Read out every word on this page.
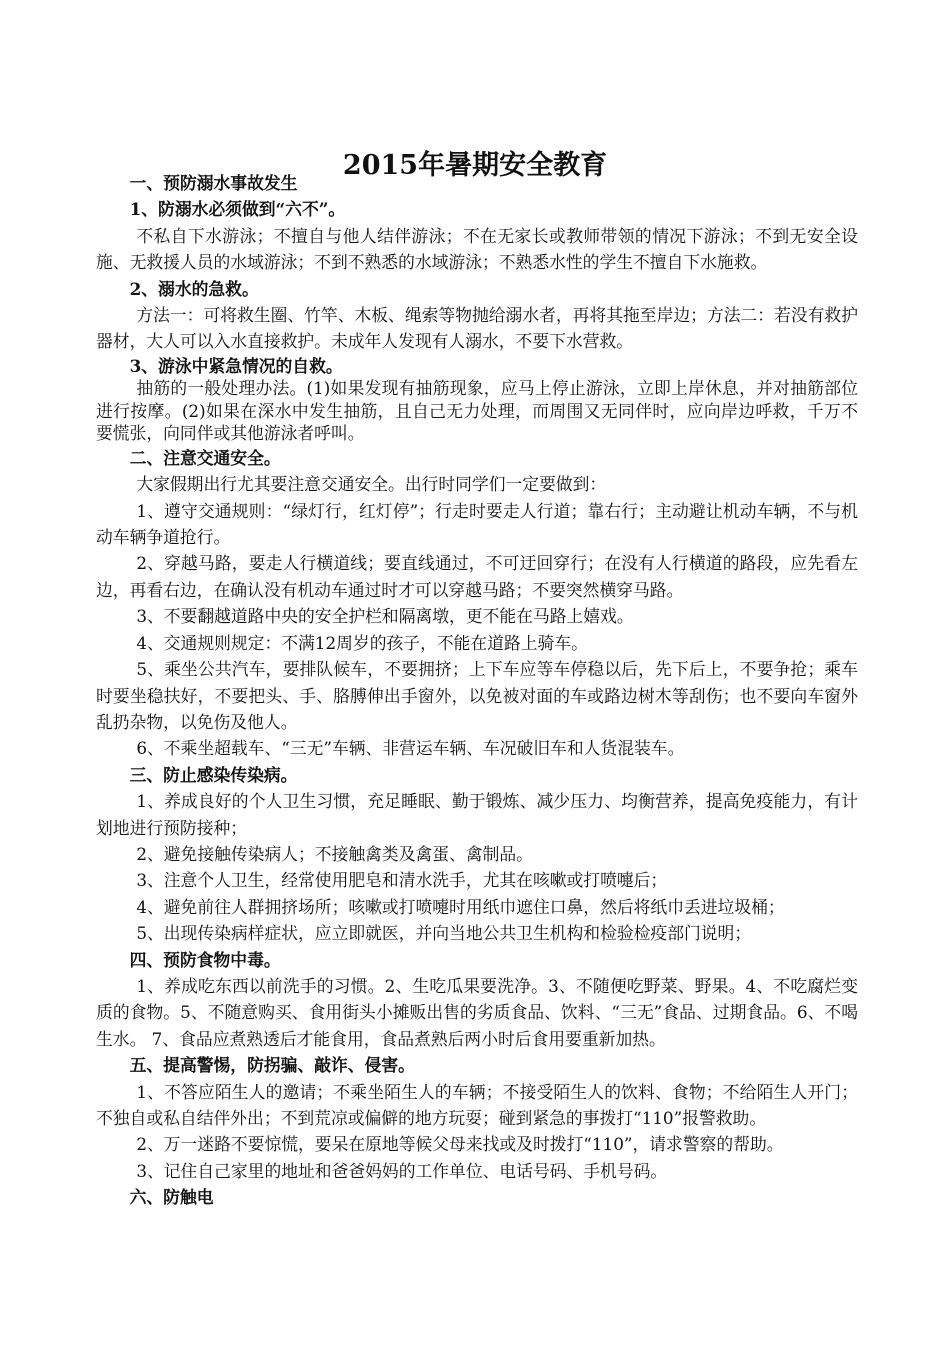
2015年暑期安全教育

一、预防溺水事故发生

1、防溺水必须做到“六不”。

不私自下水游泳；不擅自与他人结伴游泳；不在无家长或教师带领的情况下游泳；不到无安全设施、无救援人员的水域游泳；不到不熟悉的水域游泳；不熟悉水性的学生不擅自下水施救。

2、溺水的急救。

方法一：可将救生圈、竹竿、木板、绳索等物抛给溺水者，再将其拖至岸边；方法二：若没有救护器材，大人可以入水直接救护。未成年人发现有人溺水，不要下水营救。

3、游泳中紧急情况的自救。

抽筋的一般处理办法。(1)如果发现有抽筋现象，应马上停止游泳，立即上岸休息，并对抽筋部位进行按摩。(2)如果在深水中发生抽筋，且自己无力处理，而周围又无同伴时，应向岸边呼救，千万不要慌张，向同伴或其他游泳者呼叫。

二、注意交通安全。

大家假期出行尤其要注意交通安全。出行时同学们一定要做到：

1、遵守交通规则：“绿灯行，红灯停”；行走时要走人行道；靠右行；主动避让机动车辆，不与机动车辆争道抢行。

2、穿越马路，要走人行横道线；要直线通过，不可迂回穿行；在没有人行横道的路段，应先看左边，再看右边，在确认没有机动车通过时才可以穿越马路；不要突然横穿马路。

3、不要翻越道路中央的安全护栏和隔离墩，更不能在马路上嬉戏。

4、交通规则规定：不满12周岁的孩子，不能在道路上骑车。

5、乘坐公共汽车，要排队候车，不要拥挤；上下车应等车停稳以后，先下后上，不要争抢；乘车时要坐稳扶好，不要把头、手、胳膊伸出手窗外，以免被对面的车或路边树木等刮伤；也不要向车窗外乱扔杂物，以免伤及他人。

6、不乘坐超载车、“三无”车辆、非营运车辆、车况破旧车和人货混装车。

三、防止感染传染病。

1、养成良好的个人卫生习惯，充足睡眠、勤于锻炼、减少压力、均衡营养，提高免疫能力，有计划地进行预防接种；

2、避免接触传染病人；不接触禽类及禽蛋、禽制品。

3、注意个人卫生，经常使用肥皂和清水洗手，尤其在咳嗽或打喷嚏后；

4、避免前往人群拥挤场所；咳嗽或打喷嚏时用纸巾遮住口鼻，然后将纸巾丢进垃圾桶；

5、出现传染病样症状，应立即就医，并向当地公共卫生机构和检验检疫部门说明；

四、预防食物中毒。

1、养成吃东西以前洗手的习惯。2、生吃瓜果要洗净。3、不随便吃野菜、野果。4、不吃腐烂变质的食物。5、不随意购买、食用街头小摊贩出售的劣质食品、饮料、“三无”食品、过期食品。6、不喝生水。 7、食品应煮熟透后才能食用，食品煮熟后两小时后食用要重新加热。

五、提高警惕，防拐骗、敲诈、侵害。

1、不答应陌生人的邀请；不乘坐陌生人的车辆；不接受陌生人的饮料、食物；不给陌生人开门；不独自或私自结伴外出；不到荒凉或偏僻的地方玩耍；碰到紧急的事拨打“110”报警救助。

2、万一迷路不要惊慌，要呆在原地等候父母来找或及时拨打“110”，请求警察的帮助。

3、记住自己家里的地址和爸爸妈妈的工作单位、电话号码、手机号码。

六、防触电
